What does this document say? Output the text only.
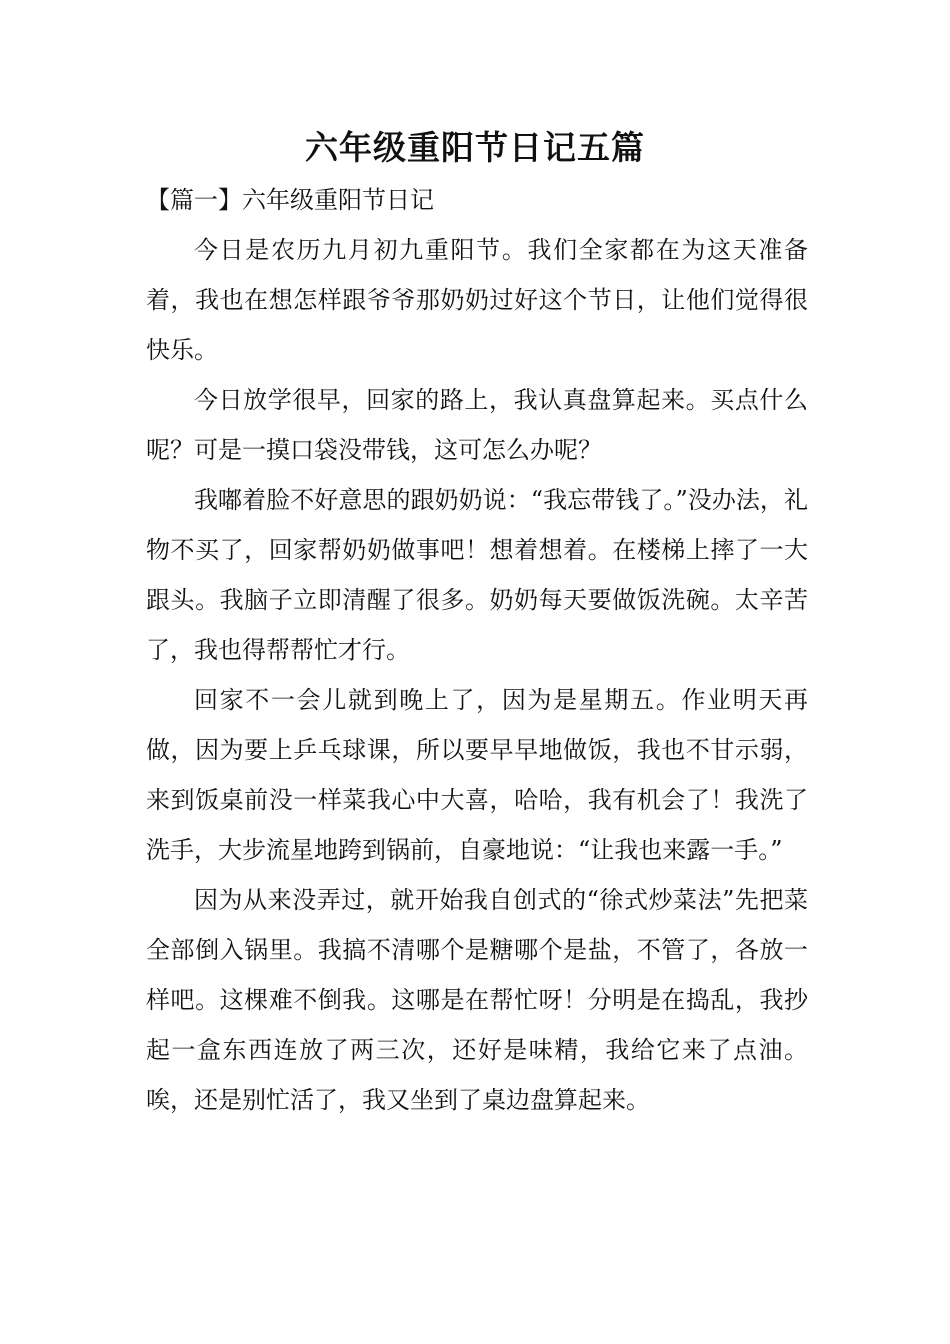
六年级重阳节日记五篇

【篇一】六年级重阳节日记

今日是农历九月初九重阳节。我们全家都在为这天准备着，我也在想怎样跟爷爷那奶奶过好这个节日，让他们觉得很快乐。

今日放学很早，回家的路上，我认真盘算起来。买点什么呢？可是一摸口袋没带钱，这可怎么办呢？

我嘟着脸不好意思的跟奶奶说：“我忘带钱了。”没办法，礼物不买了，回家帮奶奶做事吧！想着想着。在楼梯上摔了一大跟头。我脑子立即清醒了很多。奶奶每天要做饭洗碗。太辛苦了，我也得帮帮忙才行。

回家不一会儿就到晚上了，因为是星期五。作业明天再做，因为要上乒乓球课，所以要早早地做饭，我也不甘示弱，来到饭桌前没一样菜我心中大喜，哈哈，我有机会了！我洗了洗手，大步流星地跨到锅前，自豪地说：“让我也来露一手。”

因为从来没弄过，就开始我自创式的“徐式炒菜法”先把菜全部倒入锅里。我搞不清哪个是糖哪个是盐，不管了，各放一样吧。这棵难不倒我。这哪是在帮忙呀！分明是在捣乱，我抄起一盒东西连放了两三次，还好是味精，我给它来了点油。唉，还是别忙活了，我又坐到了桌边盘算起来。
